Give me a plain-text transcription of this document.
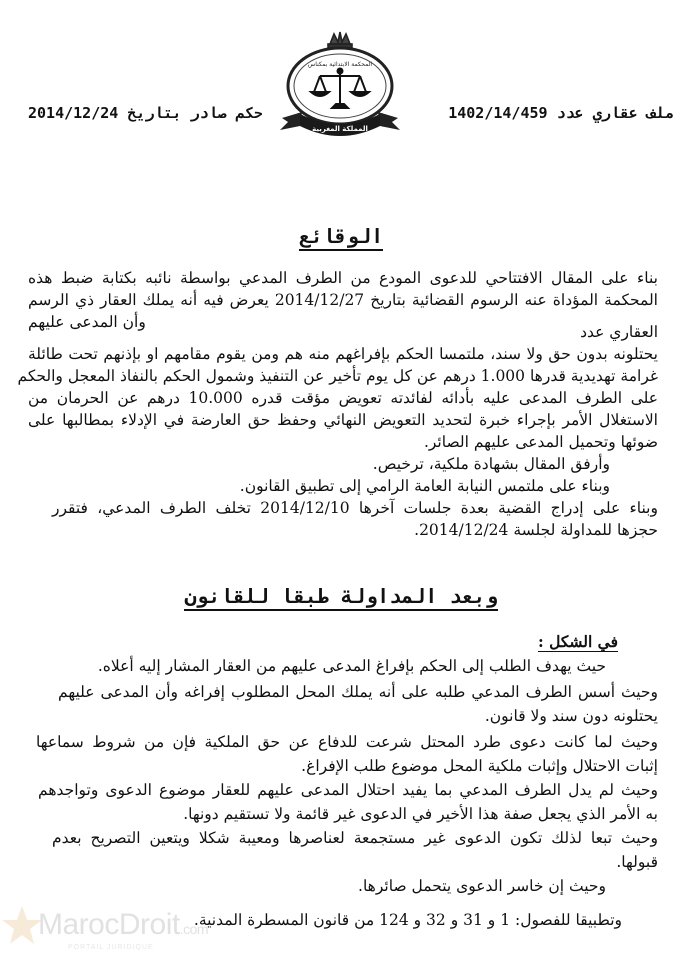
المحكمة الابتدائية بمكناس
المملكة المغربية
حكم صادر بتاريخ 2014/12/24	ملف عقاري عدد 1402/14/459
الوقائع
بناء على المقال الافتتاحي للدعوى المودع من الطرف المدعي بواسطة نائبه بكتابة ضبط هذه
المحكمة المؤداة عنه الرسوم القضائية بتاريخ 2014/12/27 يعرض فيه أنه يملك العقار ذي الرسم
وأن المدعى عليهم
العقاري عدد
يحتلونه بدون حق ولا سند، ملتمسا الحكم بإفراغهم منه هم ومن يقوم مقامهم او بإذنهم تحت طائلة
غرامة تهديدية قدرها 1.000 درهم عن كل يوم تأخير عن التنفيذ وشمول الحكم بالنفاذ المعجل والحكم
على الطرف المدعى عليه بأدائه لفائدته تعويض مؤقت قدره 10.000 درهم عن الحرمان من
الاستغلال الأمر بإجراء خبرة لتحديد التعويض النهائي وحفظ حق العارضة في الإدلاء بمطالبها على
ضوئها وتحميل المدعى عليهم الصائر.
وأرفق المقال بشهادة ملكية، ترخيص.
وبناء على ملتمس النيابة العامة الرامي إلى تطبيق القانون.
وبناء على إدراج القضية بعدة جلسات آخرها 2014/12/10 تخلف الطرف المدعي، فتقرر
حجزها للمداولة لجلسة 2014/12/24.
وبعد المداولة طبقا للقانون
في الشكل :
حيث يهدف الطلب إلى الحكم بإفراغ المدعى عليهم من العقار المشار إليه أعلاه.
وحيث أسس الطرف المدعي طلبه على أنه يملك المحل المطلوب إفراغه وأن المدعى عليهم
يحتلونه دون سند ولا قانون.
وحيث لما كانت دعوى طرد المحتل شرعت للدفاع عن حق الملكية فإن من شروط سماعها
إثبات الاحتلال وإثبات ملكية المحل موضوع طلب الإفراغ.
وحيث لم يدل الطرف المدعي بما يفيد احتلال المدعى عليهم للعقار موضوع الدعوى وتواجدهم
به الأمر الذي يجعل صفة هذا الأخير في الدعوى غير قائمة ولا تستقيم دونها.
وحيث تبعا لذلك تكون الدعوى غير مستجمعة لعناصرها ومعيبة شكلا ويتعين التصريح بعدم
قبولها.
وحيث إن خاسر الدعوى يتحمل صائرها.
وتطبيقا للفصول: 1 و 31 و 32 و 124 من قانون المسطرة المدنية.
MarocDroit.com
PORTAIL JURIDIQUE
